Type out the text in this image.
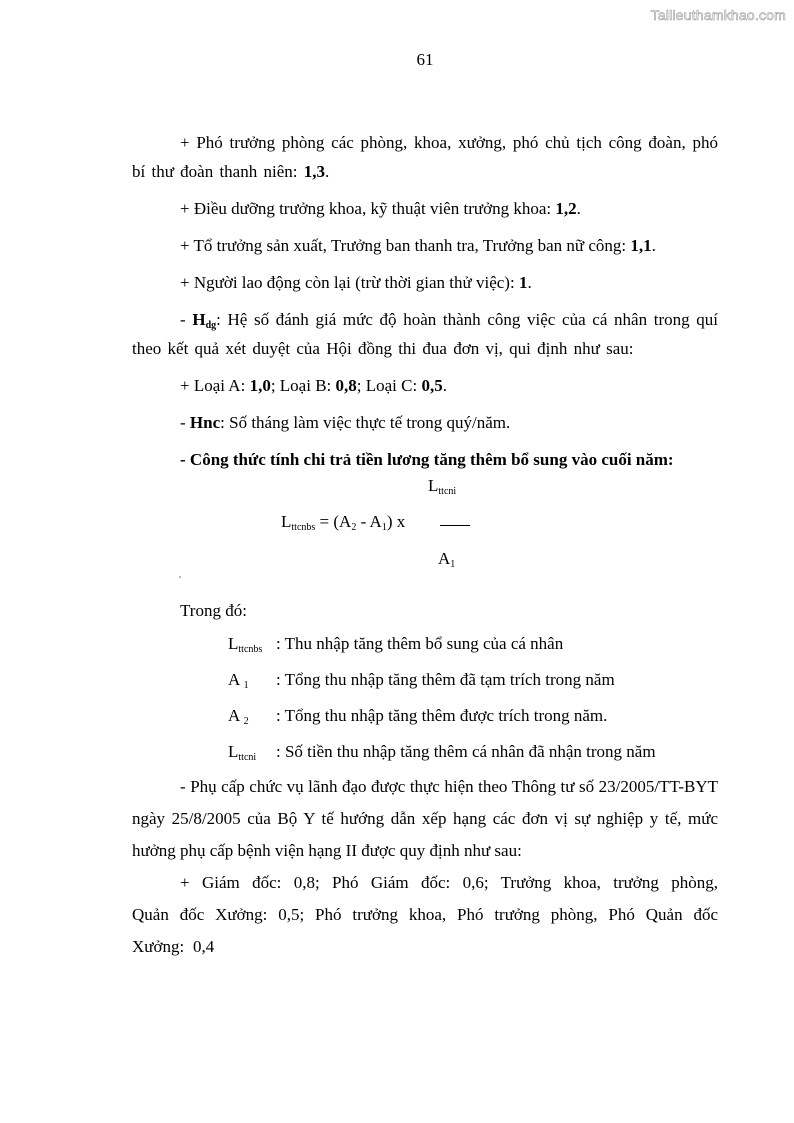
Tailieuthamkhao.com
61

+ Phó trưởng phòng các phòng, khoa, xưởng, phó chủ tịch công đoàn, phó bí thư đoàn thanh niên: 1,3.

+ Điều dưỡng trưởng khoa, kỹ thuật viên trưởng khoa: 1,2.

+ Tổ trưởng sản xuất, Trưởng ban thanh tra, Trưởng ban nữ công: 1,1.

+ Người lao động còn lại (trừ thời gian thử việc): 1.

- $H_{dg}$: Hệ số đánh giá mức độ hoàn thành công việc của cá nhân trong quí theo kết quả xét duyệt của Hội đồng thi đua đơn vị, qui định như sau:

+ Loại A: 1,0; Loại B: 0,8; Loại C: 0,5.

- Hnc: Số tháng làm việc thực tế trong quý/năm.

- Công thức tính chi trả tiền lương tăng thêm bổ sung vào cuối năm:

$L_{ttcni}$
$L_{ttcnbs} = (A_2 - A_1)$ x
$A_1$

Trong đó:

$L_{ttcnbs}$ : Thu nhập tăng thêm bổ sung của cá nhân
A $_1$	: Tổng thu nhập tăng thêm đã tạm trích trong năm
A $_2$	: Tổng thu nhập tăng thêm được trích trong năm.
$L_{ttcni}$	: Số tiền thu nhập tăng thêm cá nhân đã nhận trong năm

- Phụ cấp chức vụ lãnh đạo được thực hiện theo Thông tư số 23/2005/TT-BYT ngày 25/8/2005 của Bộ Y tế hướng dẫn xếp hạng các đơn vị sự nghiệp y tế, mức hưởng phụ cấp bệnh viện hạng II được quy định như sau:

+ Giám đốc: 0,8; Phó Giám đốc: 0,6; Trưởng khoa, trưởng phòng, Quản đốc Xưởng: 0,5; Phó trưởng khoa, Phó trưởng phòng, Phó Quản đốc Xưởng: 0,4
